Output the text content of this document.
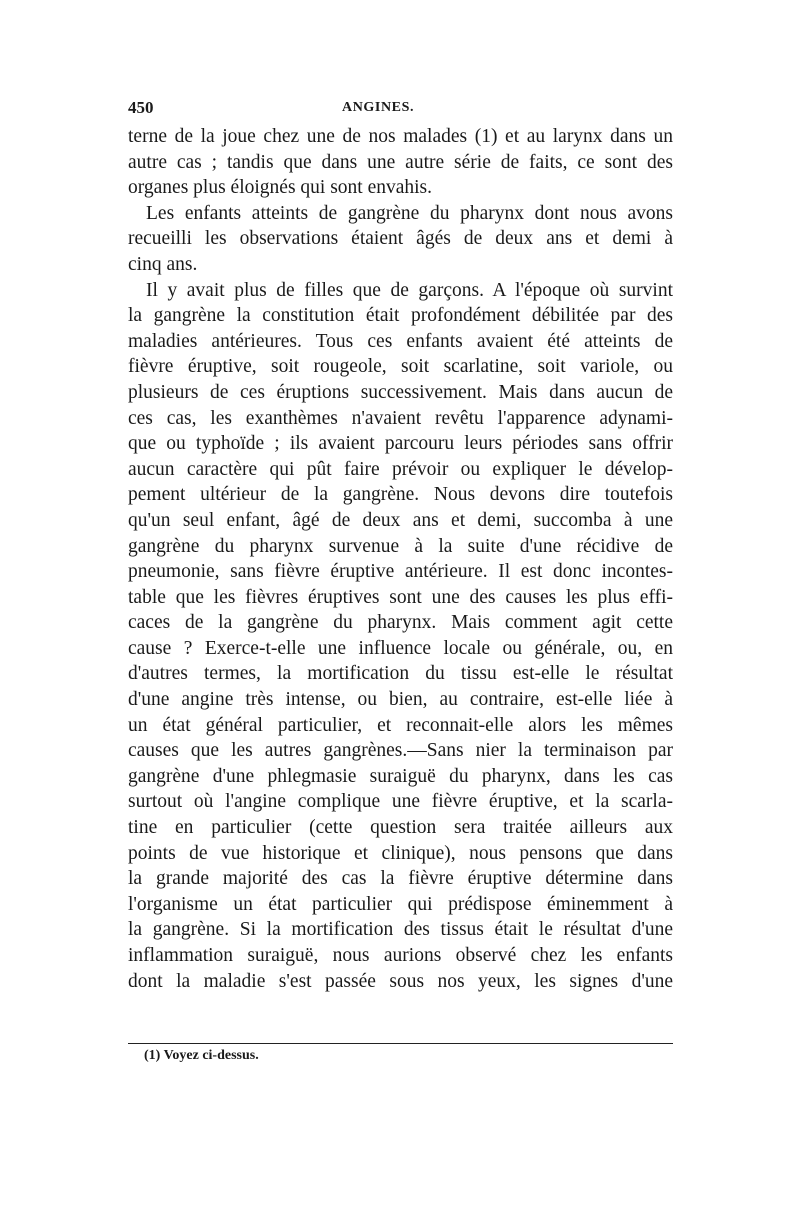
450	ANGINES.
terne de la joue chez une de nos malades (1) et au larynx dans un
autre cas ; tandis que dans une autre série de faits, ce sont des
organes plus éloignés qui sont envahis.
Les enfants atteints de gangrène du pharynx dont nous avons
recueilli les observations étaient âgés de deux ans et demi à
cinq ans.
Il y avait plus de filles que de garçons. A l'époque où survint
la gangrène la constitution était profondément débilitée par des
maladies antérieures. Tous ces enfants avaient été atteints de
fièvre éruptive, soit rougeole, soit scarlatine, soit variole, ou
plusieurs de ces éruptions successivement. Mais dans aucun de
ces cas, les exanthèmes n'avaient revêtu l'apparence adynami-
que ou typhoïde ; ils avaient parcouru leurs périodes sans offrir
aucun caractère qui pût faire prévoir ou expliquer le dévelop-
pement ultérieur de la gangrène. Nous devons dire toutefois
qu'un seul enfant, âgé de deux ans et demi, succomba à une
gangrène du pharynx survenue à la suite d'une récidive de
pneumonie, sans fièvre éruptive antérieure. Il est donc incontes-
table que les fièvres éruptives sont une des causes les plus effi-
caces de la gangrène du pharynx. Mais comment agit cette
cause ? Exerce-t-elle une influence locale ou générale, ou, en
d'autres termes, la mortification du tissu est-elle le résultat
d'une angine très intense, ou bien, au contraire, est-elle liée à
un état général particulier, et reconnait-elle alors les mêmes
causes que les autres gangrènes.—Sans nier la terminaison par
gangrène d'une phlegmasie suraiguë du pharynx, dans les cas
surtout où l'angine complique une fièvre éruptive, et la scarla-
tine en particulier (cette question sera traitée ailleurs aux
points de vue historique et clinique), nous pensons que dans
la grande majorité des cas la fièvre éruptive détermine dans
l'organisme un état particulier qui prédispose éminemment à
la gangrène. Si la mortification des tissus était le résultat d'une
inflammation suraiguë, nous aurions observé chez les enfants
dont la maladie s'est passée sous nos yeux, les signes d'une
(1) Voyez ci-dessus.
